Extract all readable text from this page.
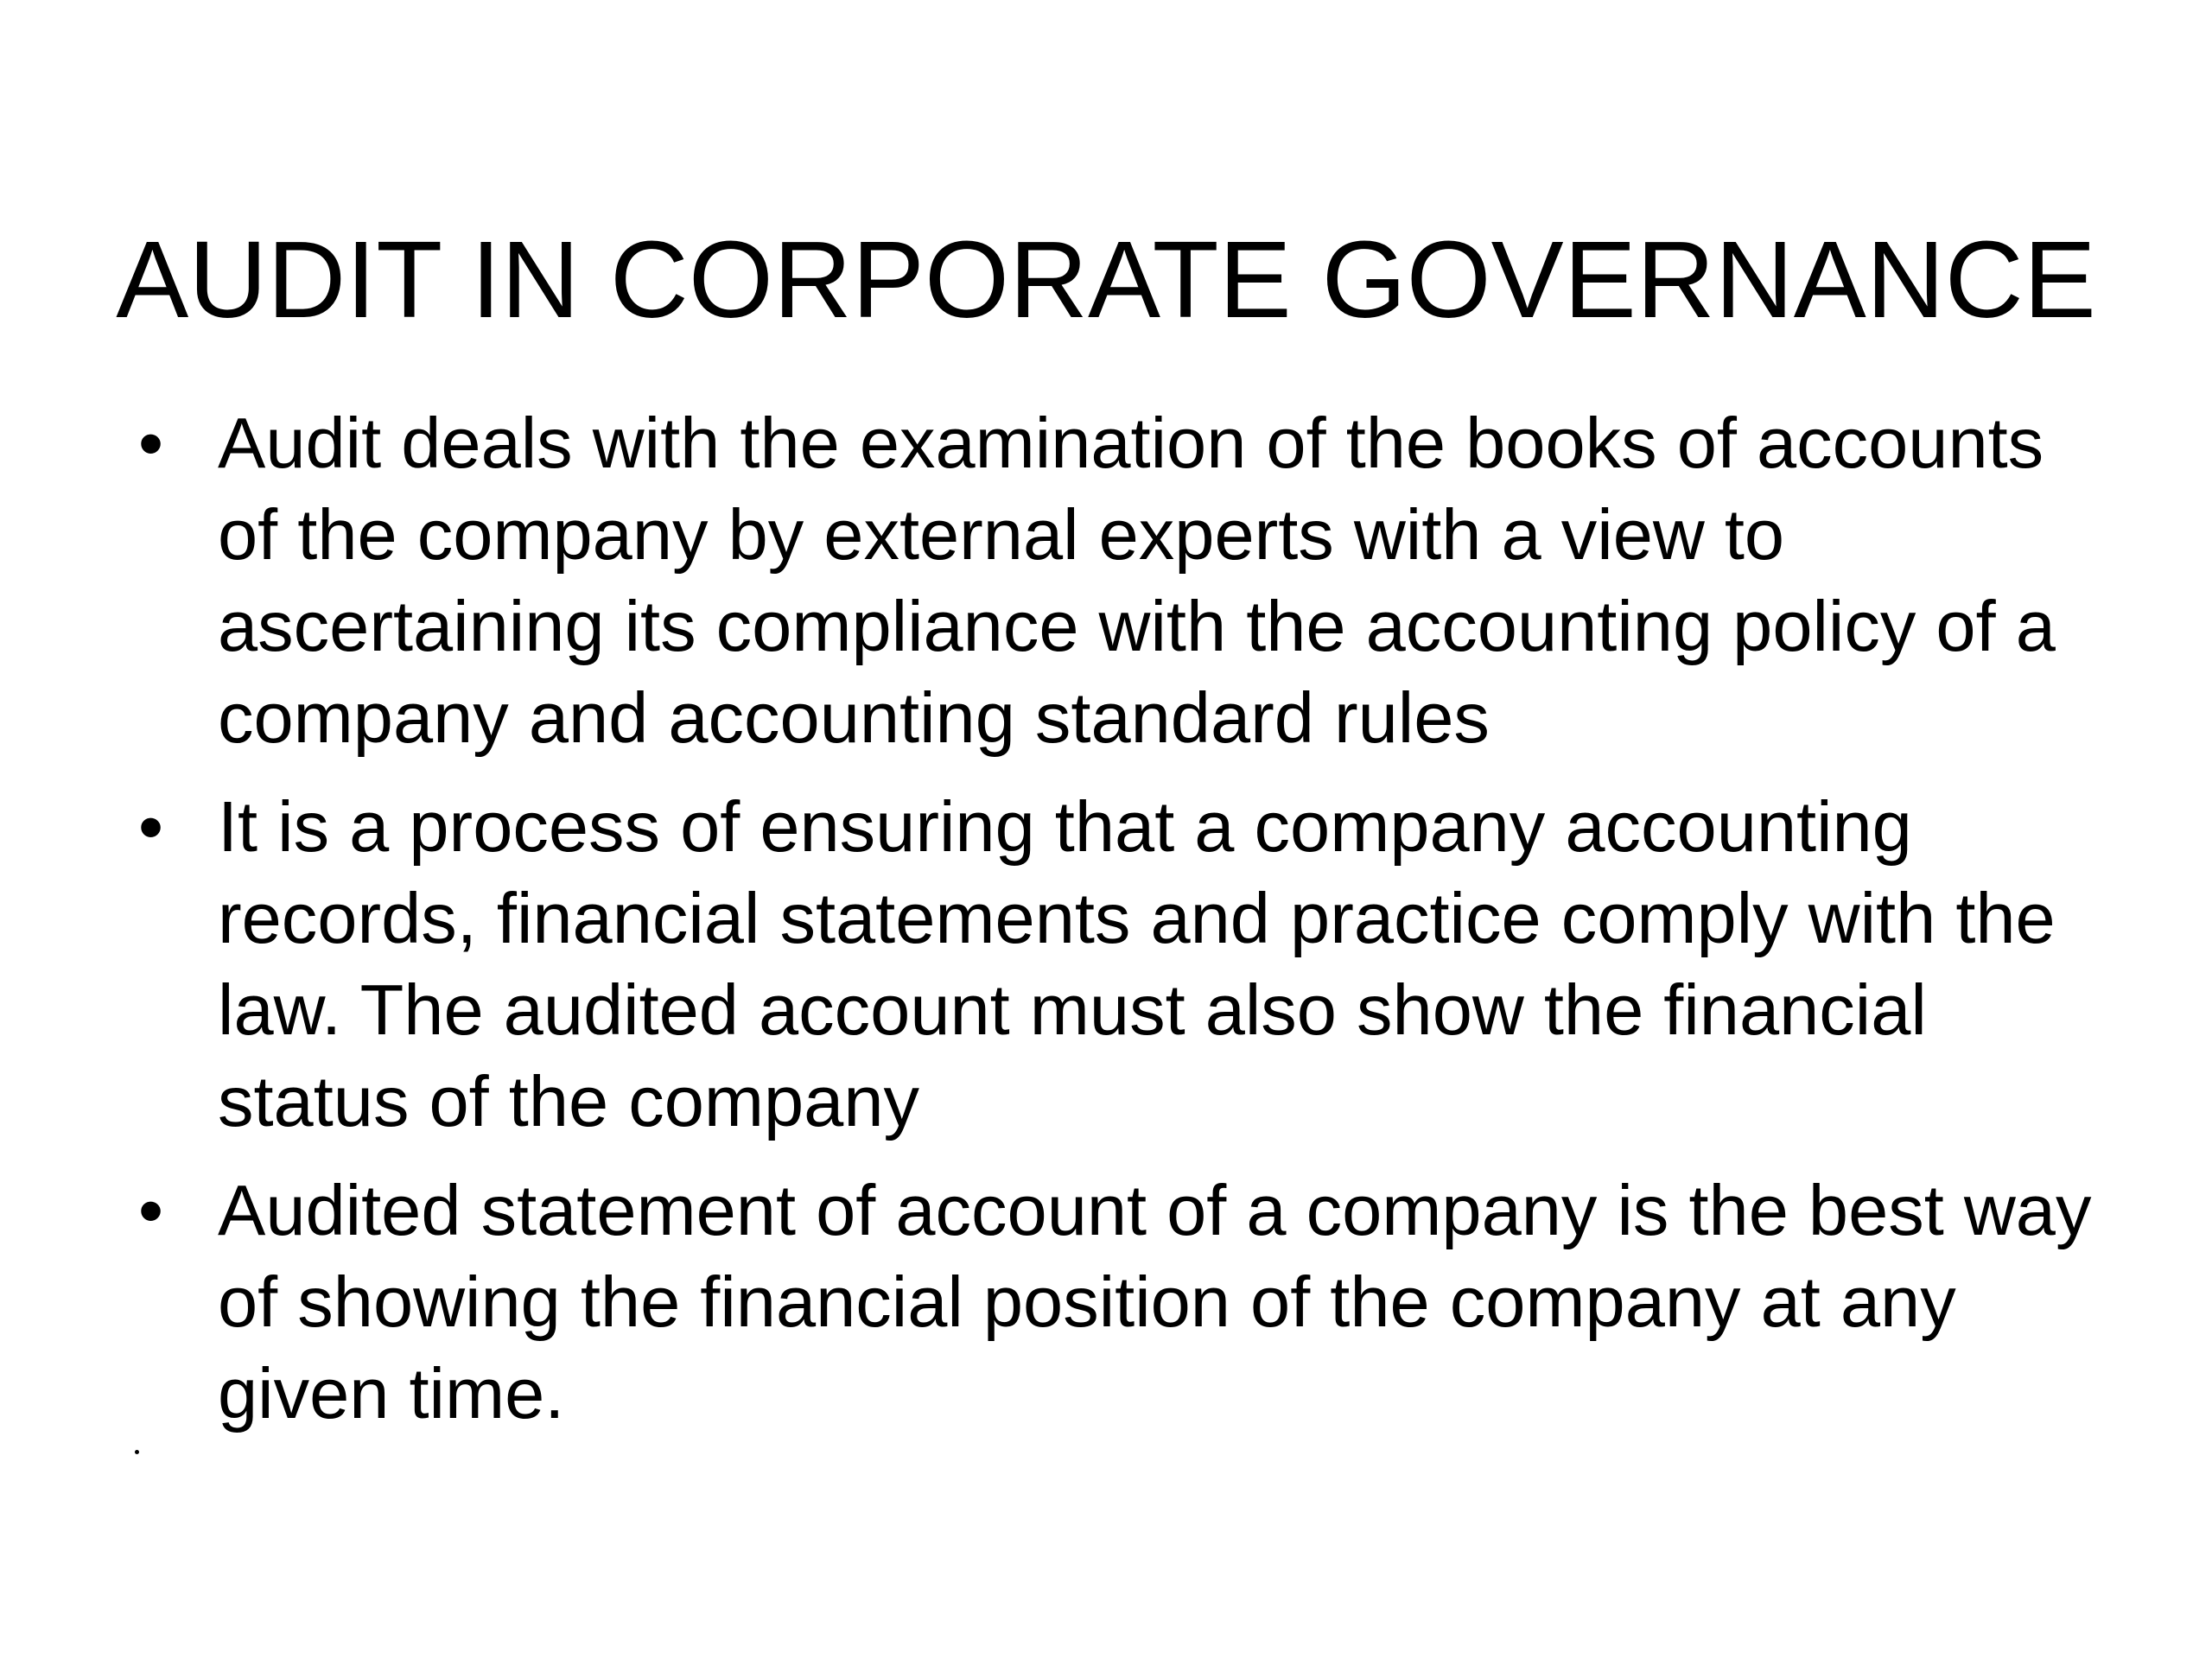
AUDIT IN CORPORATE GOVERNANCE
• Audit deals with the examination of the books of accounts of the company by external experts with a view to ascertaining its compliance with the accounting policy of a company and accounting standard rules
• It is a process of ensuring that a company accounting records, financial statements and practice comply with the law. The audited account must also show the financial status of the company
• Audited statement of account of a company is the best way of showing the financial position of the company at any given time.
